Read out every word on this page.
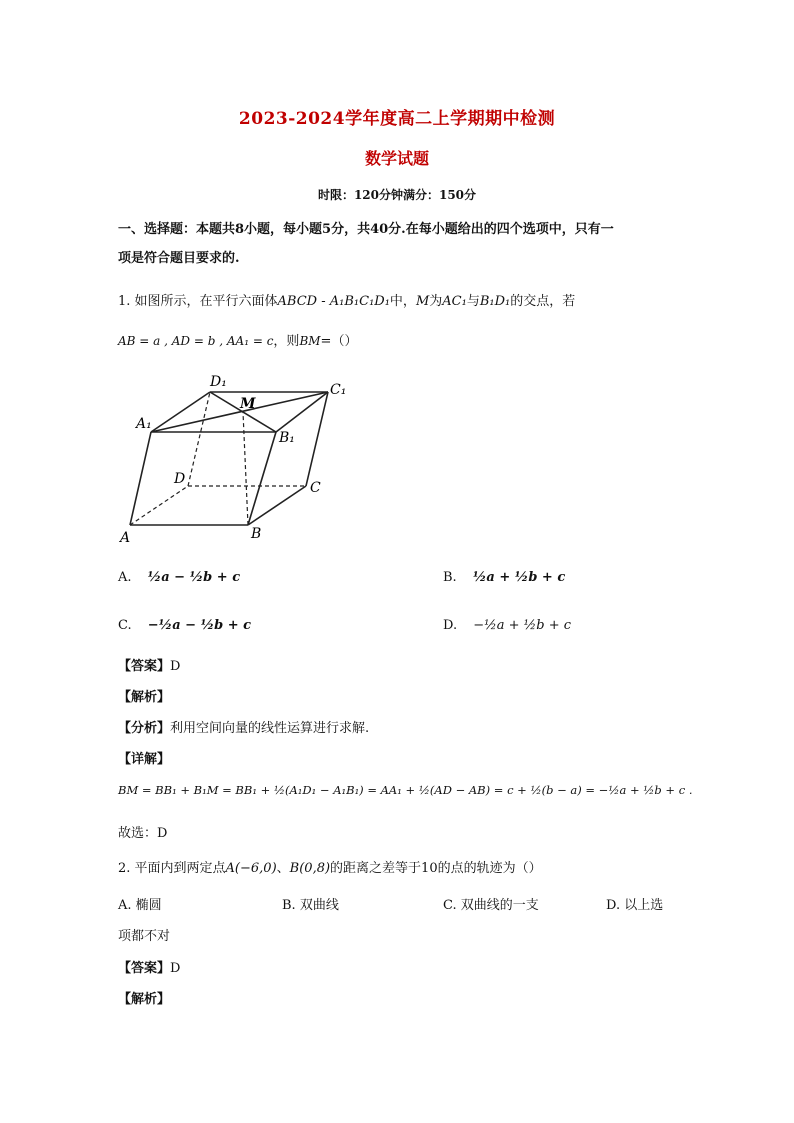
2023-2024学年度高二上学期期中检测
数学试题
时限：120分钟满分：150分
一、选择题：本题共8小题，每小题5分，共40分.在每小题给出的四个选项中，只有一
项是符合题目要求的.
1. 如图所示，在平行六面体ABCD - A₁B₁C₁D₁中，M为AC₁与B₁D₁的交点，若
AB = a , AD = b , AA₁ = c，则BM=（）
A	B
C
D
A₁
B₁
C₁
D₁
M
A. ½a − ½b + c	B. ½a + ½b + c
C. −½a − ½b + c	D. −½a + ½b + c
【答案】D
【解析】
【分析】利用空间向量的线性运算进行求解.
【详解】
BM = BB₁ + B₁M = BB₁ + ½(A₁D₁ − A₁B₁) = AA₁ + ½(AD − AB) = c + ½(b − a) = −½a + ½b + c .
故选：D
2. 平面内到两定点A(−6,0)、B(0,8)的距离之差等于10的点的轨迹为（）
A. 椭圆	B. 双曲线	C. 双曲线的一支	D. 以上选
项都不对
【答案】D
【解析】
